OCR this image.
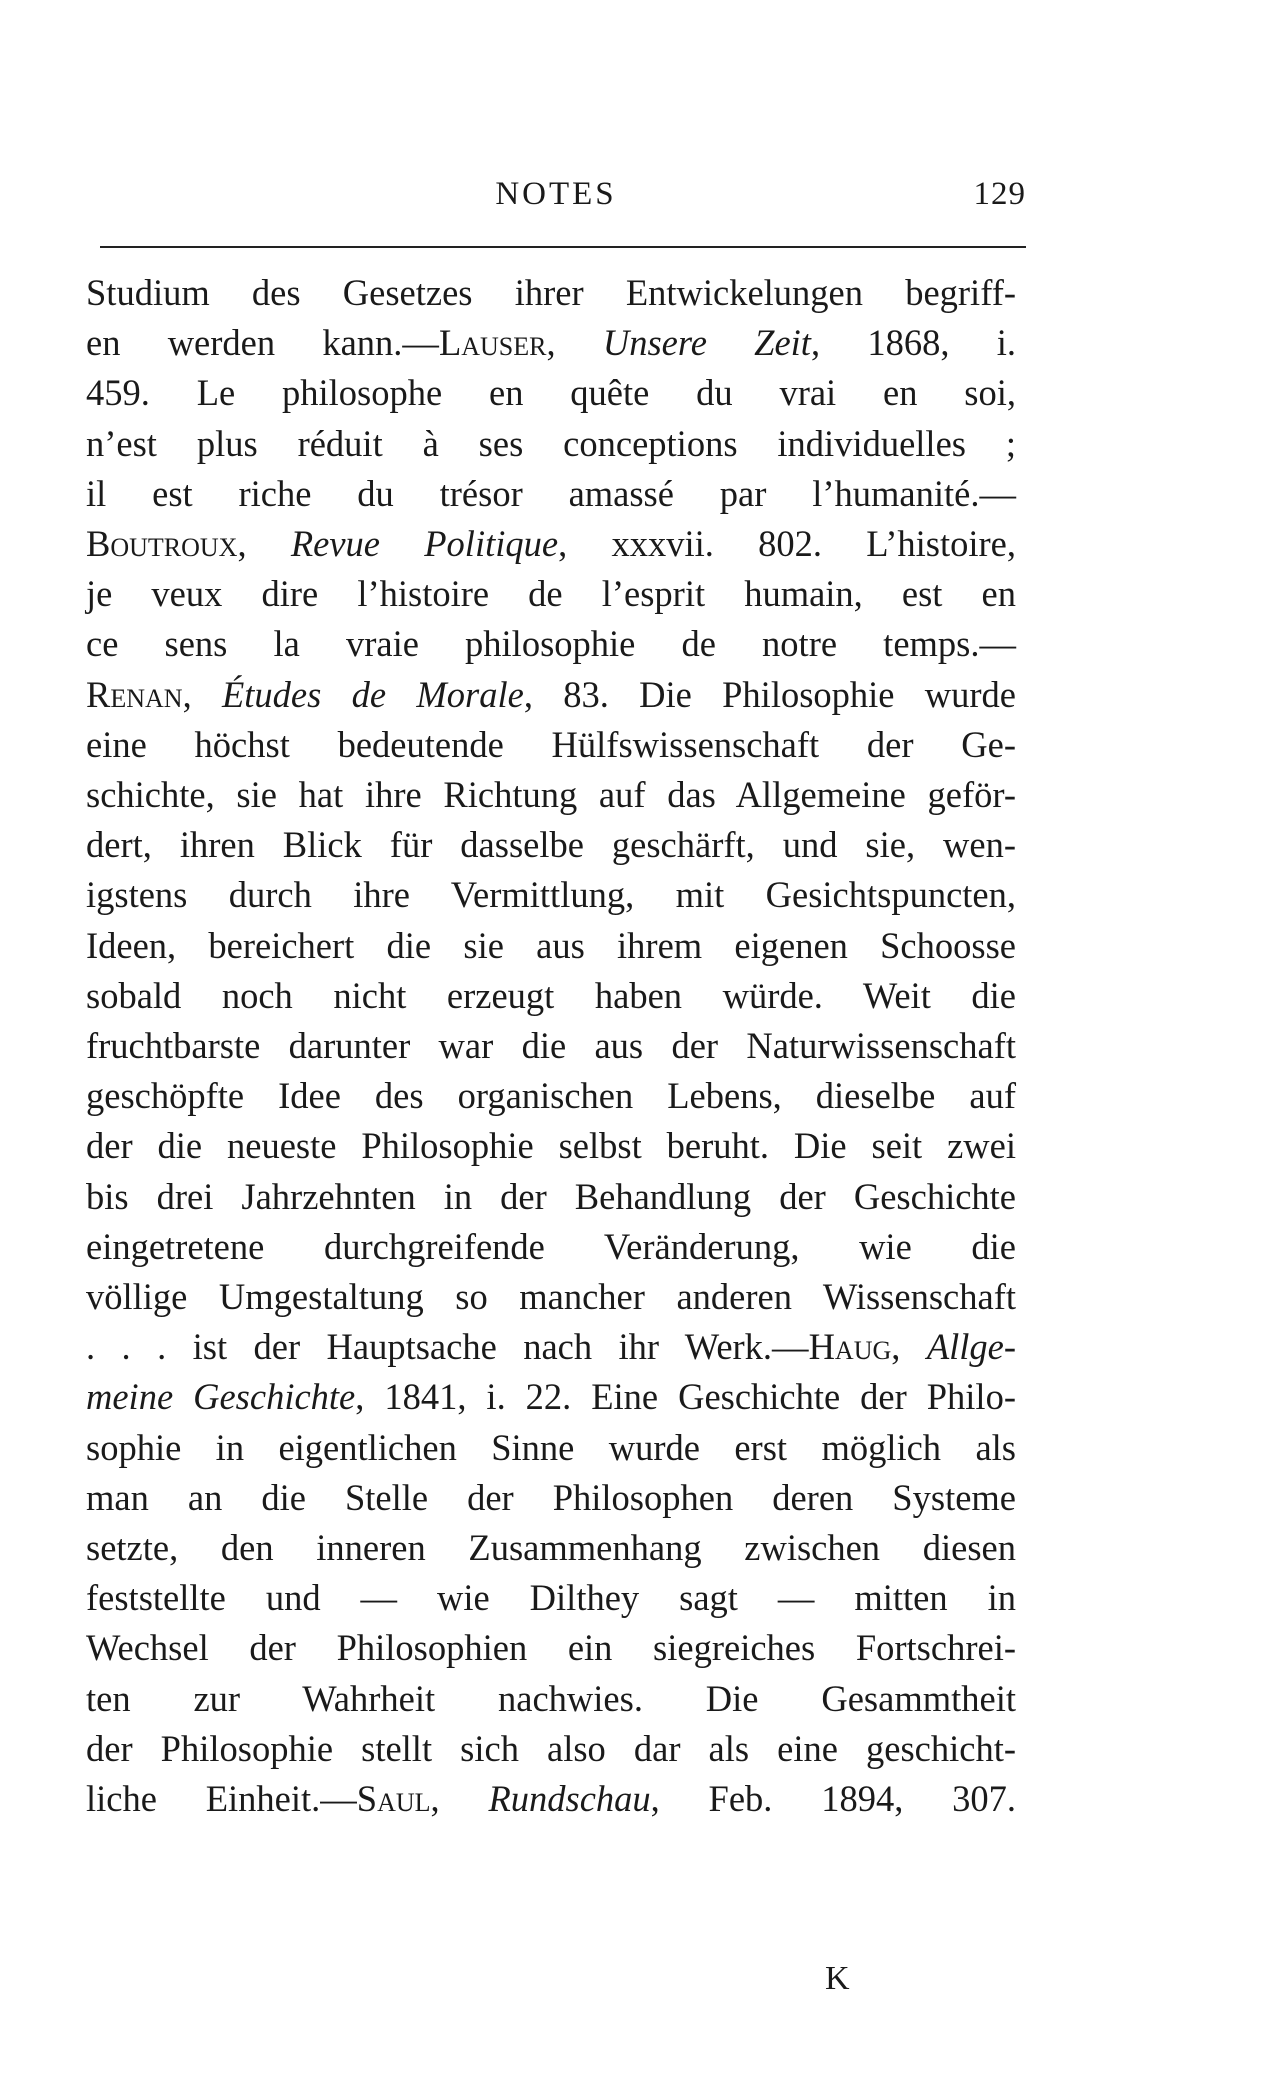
NOTES	129
Studium des Gesetzes ihrer Entwickelungen begriff-
en werden kann.—Lauser, Unsere Zeit, 1868, i.
459. Le philosophe en quête du vrai en soi,
n’est plus réduit à ses conceptions individuelles ;
il est riche du trésor amassé par l’humanité.—
Boutroux, Revue Politique, xxxvii. 802. L’histoire,
je veux dire l’histoire de l’esprit humain, est en
ce sens la vraie philosophie de notre temps.—
Renan, Études de Morale, 83. Die Philosophie wurde
eine höchst bedeutende Hülfswissenschaft der Ge-
schichte, sie hat ihre Richtung auf das Allgemeine geför-
dert, ihren Blick für dasselbe geschärft, und sie, wen-
igstens durch ihre Vermittlung, mit Gesichtspuncten,
Ideen, bereichert die sie aus ihrem eigenen Schoosse
sobald noch nicht erzeugt haben würde. Weit die
fruchtbarste darunter war die aus der Naturwissenschaft
geschöpfte Idee des organischen Lebens, dieselbe auf
der die neueste Philosophie selbst beruht. Die seit zwei
bis drei Jahrzehnten in der Behandlung der Geschichte
eingetretene durchgreifende Veränderung, wie die
völlige Umgestaltung so mancher anderen Wissenschaft
. . . ist der Hauptsache nach ihr Werk.—Haug, Allge-
meine Geschichte, 1841, i. 22. Eine Geschichte der Philo-
sophie in eigentlichen Sinne wurde erst möglich als
man an die Stelle der Philosophen deren Systeme
setzte, den inneren Zusammenhang zwischen diesen
feststellte und — wie Dilthey sagt — mitten in
Wechsel der Philosophien ein siegreiches Fortschrei-
ten zur Wahrheit nachwies. Die Gesammtheit
der Philosophie stellt sich also dar als eine geschicht-
liche Einheit.—Saul, Rundschau, Feb. 1894, 307.
K
